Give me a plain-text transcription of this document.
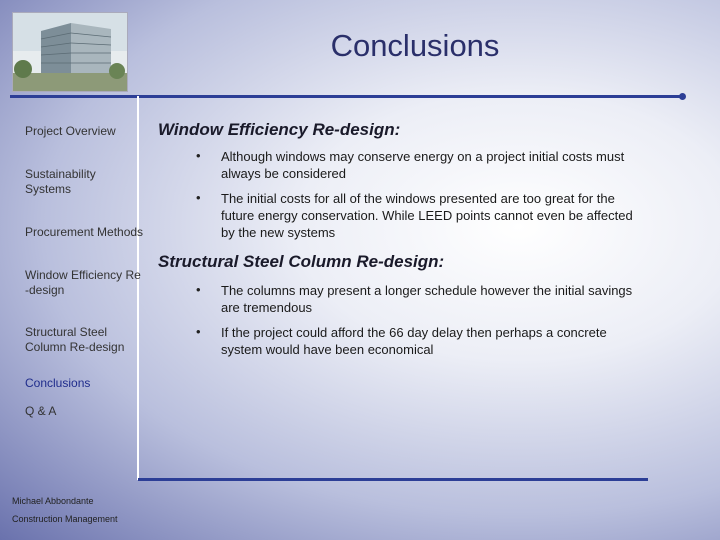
Conclusions
Project Overview
Sustainability
Systems
Procurement Methods
Window Efficiency Re
-design
Structural Steel
Column Re-design
Conclusions
Q & A
Michael Abbondante
Construction Management
Window Efficiency Re-design:
• Although windows may conserve energy on a project initial costs must always be considered
• The initial costs for all of the windows presented are too great for the future energy conservation. While LEED points cannot even be affected by the new systems
Structural Steel Column Re-design:
• The columns may present a longer schedule however the initial savings are tremendous
• If the project could afford the 66 day delay then perhaps a concrete system would have been economical
